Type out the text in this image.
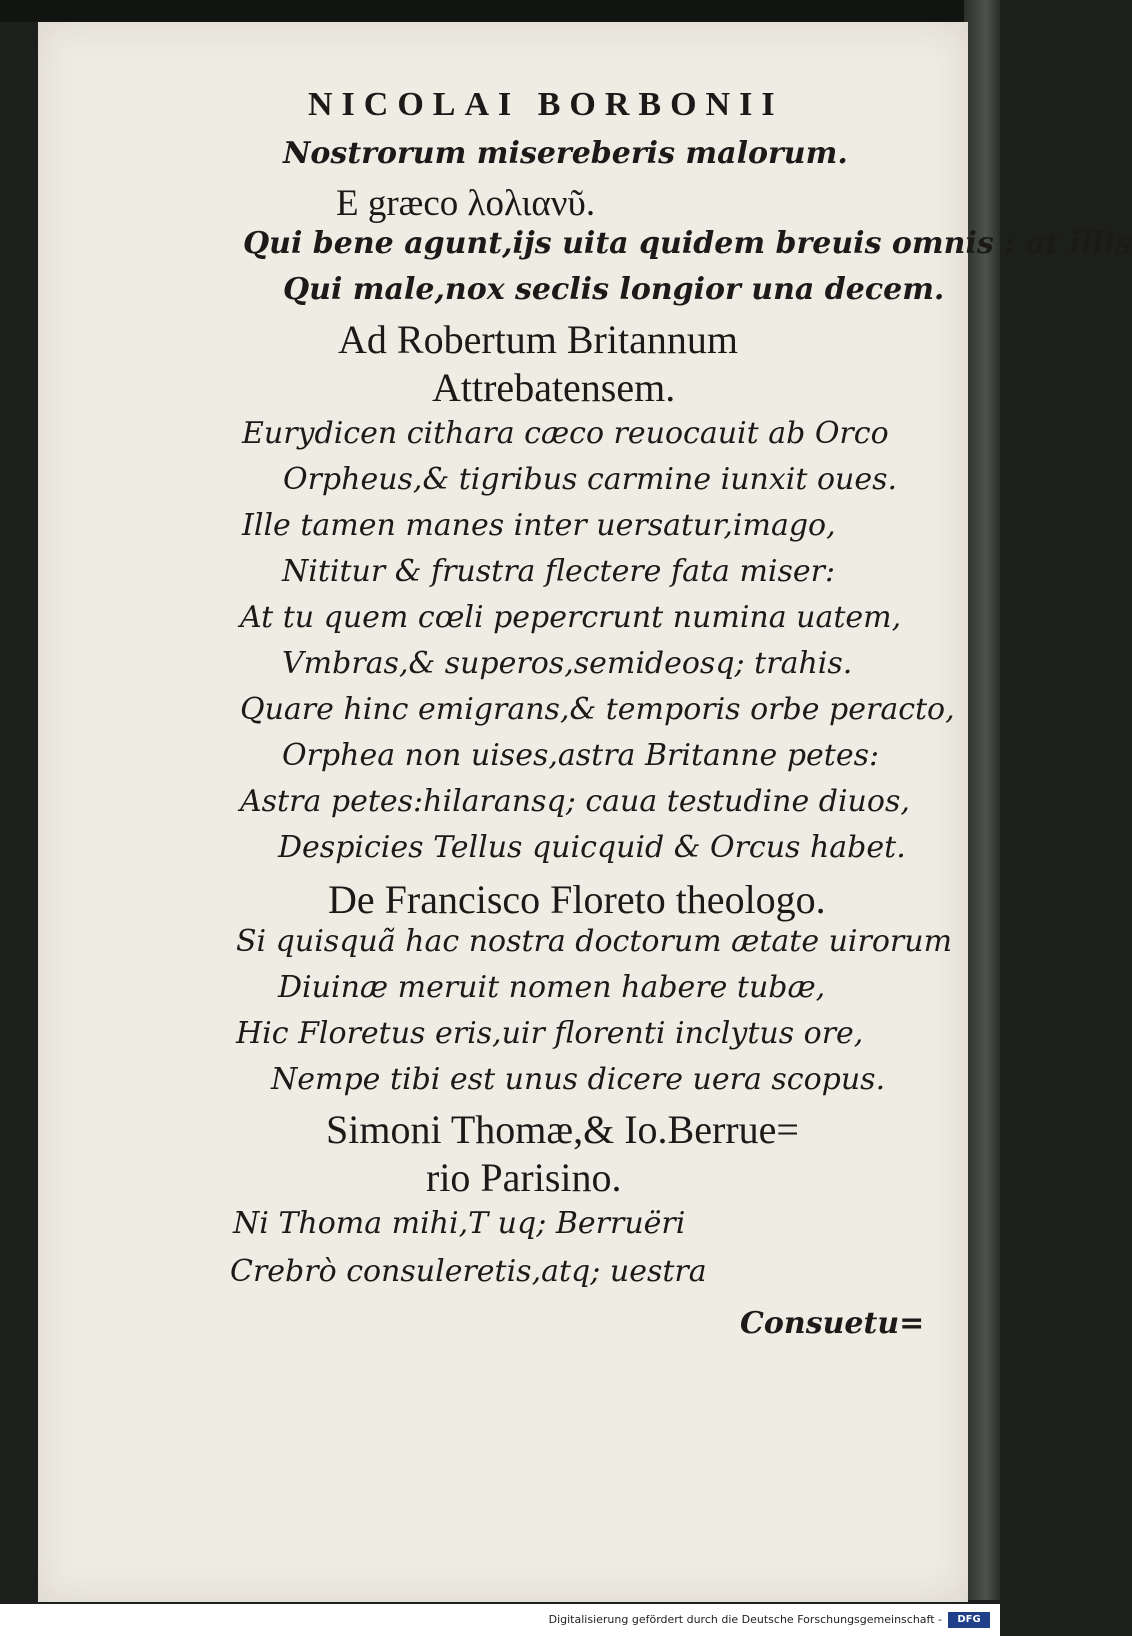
NICOLAI BORBONII
Nostrorum misereberis malorum.
E græco λολιανῦ.
Qui bene agunt,ijs uita quidem breuis omnis : at illis
Qui male,nox seclis longior una decem.
Ad Robertum Britannum
Attrebatensem.
Eurydicen cithara cæco reuocauit ab Orco
Orpheus,& tigribus carmine iunxit oues.
Ille tamen manes inter uersatur,imago,
Nititur & frustra flectere fata miser:
At tu quem cœli pepercrunt numina uatem,
Vmbras,& superos,semideosq; trahis.
Quare hinc emigrans,& temporis orbe peracto,
Orphea non uises,astra Britanne petes:
Astra petes:hilaransq; caua testudine diuos,
Despicies Tellus quicquid & Orcus habet.
De Francisco Floreto theologo.
Si quisquã hac nostra doctorum ætate uirorum
Diuinæ meruit nomen habere tubæ,
Hic Floretus eris,uir florenti inclytus ore,
Nempe tibi est unus dicere uera scopus.
Simoni Thomæ,& Io.Berrue=
rio Parisino.
Ni Thoma mihi,T uq; Berruëri
Crebrò consuleretis,atq; uestra
Consuetu=
Digitalisierung gefördert durch die Deutsche Forschungsgemeinschaft -	DFG
